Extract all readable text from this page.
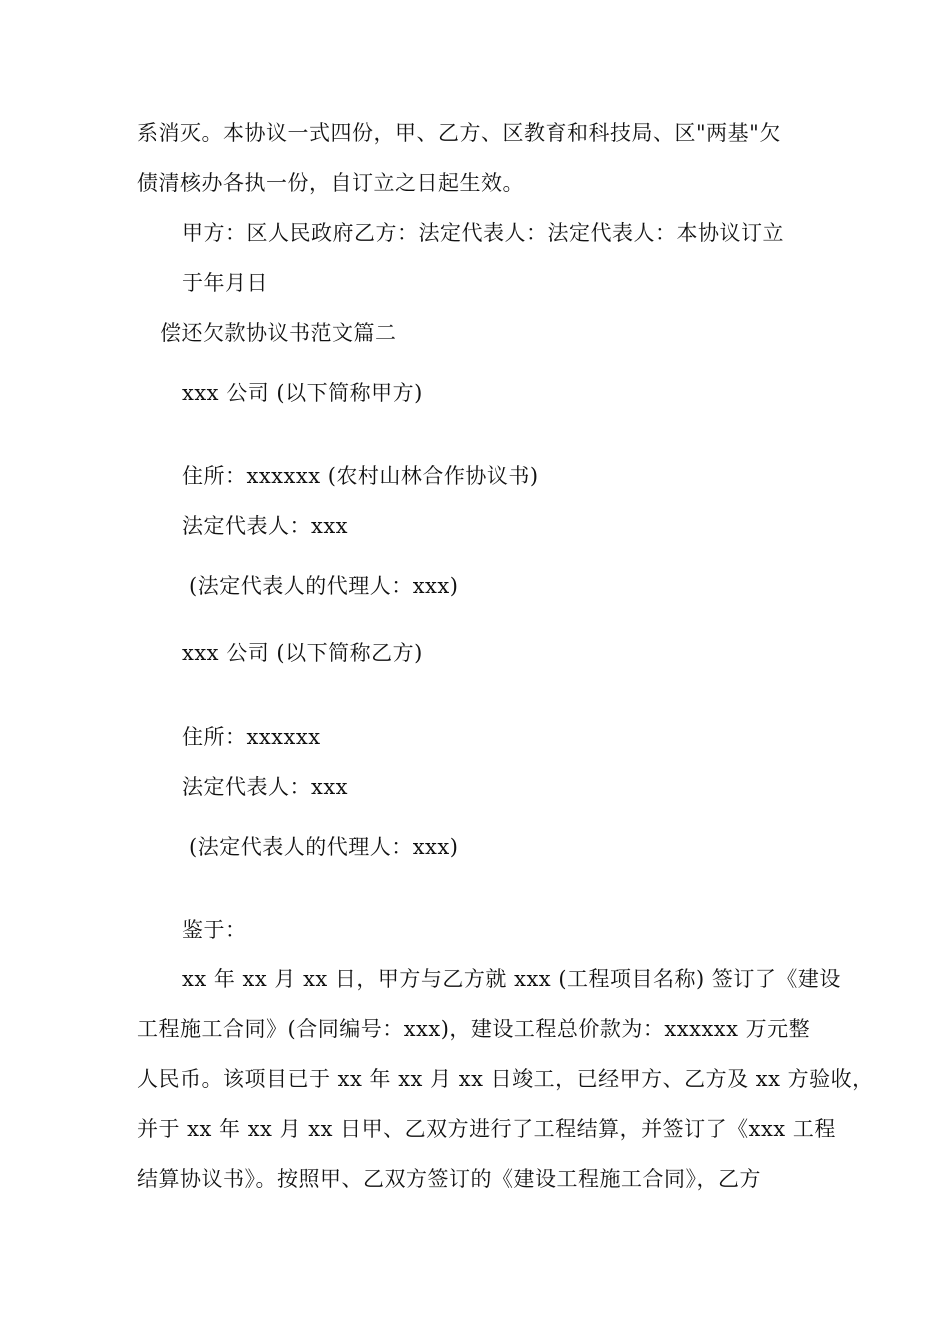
系消灭。本协议一式四份，甲、乙方、区教育和科技局、区"两基"欠
债清核办各执一份，自订立之日起生效。
甲方：区人民政府乙方：法定代表人：法定代表人：本协议订立
于年月日
偿还欠款协议书范文篇二
xxx 公司 (以下简称甲方)
住所：xxxxxx (农村山林合作协议书)
法定代表人：xxx
(法定代表人的代理人：xxx)
xxx 公司 (以下简称乙方)
住所：xxxxxx
法定代表人：xxx
(法定代表人的代理人：xxx)
鉴于：
xx 年 xx 月 xx 日，甲方与乙方就 xxx (工程项目名称) 签订了《建设
工程施工合同》(合同编号：xxx)，建设工程总价款为：xxxxxx 万元整
人民币。该项目已于 xx 年 xx 月 xx 日竣工，已经甲方、乙方及 xx 方验收，
并于 xx 年 xx 月 xx 日甲、乙双方进行了工程结算，并签订了《xxx 工程
结算协议书》。按照甲、乙双方签订的《建设工程施工合同》，乙方
